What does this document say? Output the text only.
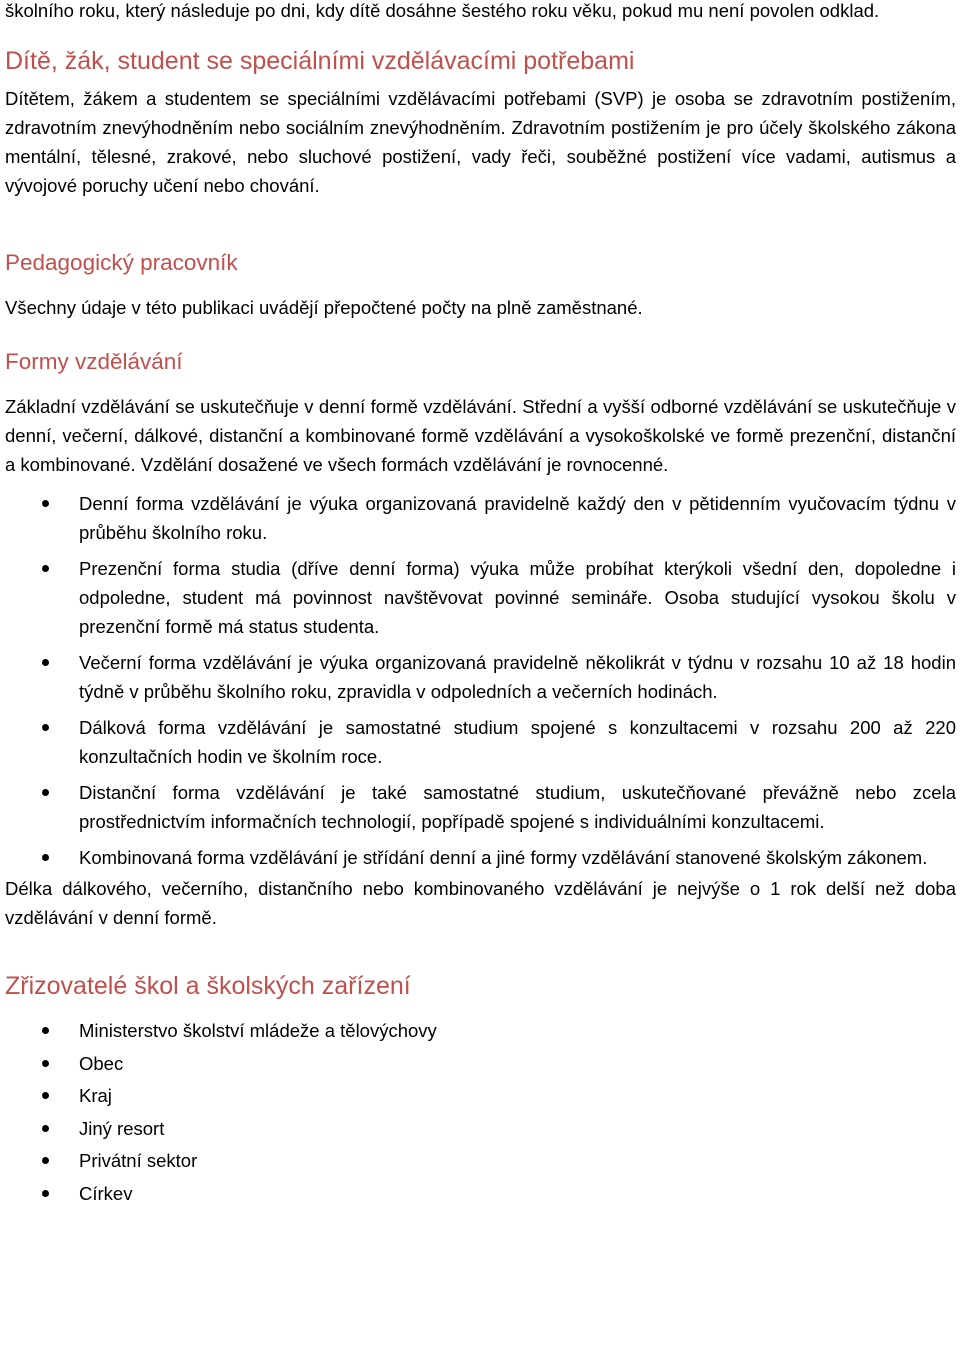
školního roku, který následuje po dni, kdy dítě dosáhne šestého roku věku, pokud mu není povolen odklad.

Dítě, žák, student se speciálními vzdělávacími potřebami

Dítětem, žákem a studentem se speciálními vzdělávacími potřebami (SVP) je osoba se zdravotním postižením, zdravotním znevýhodněním nebo sociálním znevýhodněním. Zdravotním postižením je pro účely školského zákona mentální, tělesné, zrakové, nebo sluchové postižení, vady řeči, souběžné postižení více vadami, autismus a vývojové poruchy učení nebo chování.

Pedagogický pracovník

Všechny údaje v této publikaci uvádějí přepočtené počty na plně zaměstnané.

Formy vzdělávání

Základní vzdělávání se uskutečňuje v denní formě vzdělávání. Střední a vyšší odborné vzdělávání se uskutečňuje v denní, večerní, dálkové, distanční a kombinované formě vzdělávání a vysokoškolské ve formě prezenční, distanční a kombinované. Vzdělání dosažené ve všech formách vzdělávání je rovnocenné.

Denní forma vzdělávání je výuka organizovaná pravidelně každý den v pětidenním vyučovacím týdnu v průběhu školního roku.
Prezenční forma studia (dříve denní forma) výuka může probíhat kterýkoli všední den, dopoledne i odpoledne, student má povinnost navštěvovat povinné semináře. Osoba studující vysokou školu v prezenční formě má status studenta.
Večerní forma vzdělávání je výuka organizovaná pravidelně několikrát v týdnu v rozsahu 10 až 18 hodin týdně v průběhu školního roku, zpravidla v odpoledních a večerních hodinách.
Dálková forma vzdělávání je samostatné studium spojené s konzultacemi v rozsahu 200 až 220 konzultačních hodin ve školním roce.
Distanční forma vzdělávání je také samostatné studium, uskutečňované převážně nebo zcela prostřednictvím informačních technologií, popřípadě spojené s individuálními konzultacemi.
Kombinovaná forma vzdělávání je střídání denní a jiné formy vzdělávání stanovené školským zákonem.

Délka dálkového, večerního, distančního nebo kombinovaného vzdělávání je nejvýše o 1 rok delší než doba vzdělávání v denní formě.

Zřizovatelé škol a školských zařízení
Ministerstvo školství mládeže a tělovýchovy
Obec
Kraj
Jiný resort
Privátní sektor
Církev
